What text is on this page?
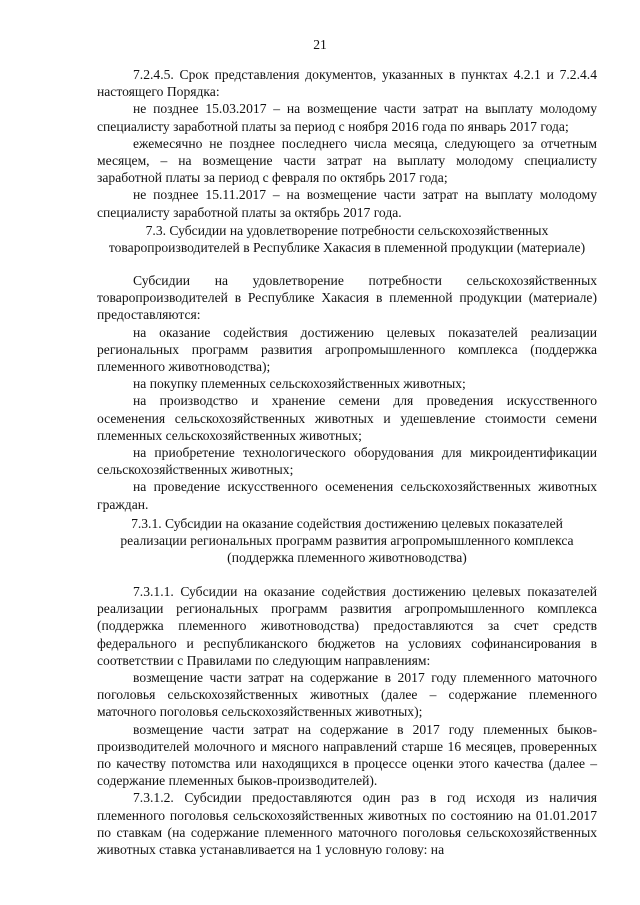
21

7.2.4.5. Срок представления документов, указанных в пунктах 4.2.1 и 7.2.4.4 настоящего Порядка:

не позднее 15.03.2017 – на возмещение части затрат на выплату молодому специалисту заработной платы за период с ноября 2016 года по январь 2017 года;

ежемесячно не позднее последнего числа месяца, следующего за отчетным месяцем, – на возмещение части затрат на выплату молодому специалисту заработной платы за период с февраля по октябрь 2017 года;

не позднее 15.11.2017 – на возмещение части затрат на выплату молодому специалисту заработной платы за октябрь 2017 года.

7.3. Субсидии на удовлетворение потребности сельскохозяйственных товаропроизводителей в Республике Хакасия в племенной продукции (материале)

Субсидии на удовлетворение потребности сельскохозяйственных товаропроизводителей в Республике Хакасия в племенной продукции (материале) предоставляются:

на оказание содействия достижению целевых показателей реализации региональных программ развития агропромышленного комплекса (поддержка племенного животноводства);

на покупку племенных сельскохозяйственных животных;

на производство и хранение семени для проведения искусственного осеменения сельскохозяйственных животных и удешевление стоимости семени племенных сельскохозяйственных животных;

на приобретение технологического оборудования для микроидентификации сельскохозяйственных животных;

на проведение искусственного осеменения сельскохозяйственных животных граждан.

7.3.1. Субсидии на оказание содействия достижению целевых показателей реализации региональных программ развития агропромышленного комплекса (поддержка племенного животноводства)

7.3.1.1. Субсидии на оказание содействия достижению целевых показателей реализации региональных программ развития агропромышленного комплекса (поддержка племенного животноводства) предоставляются за счет средств федерального и республиканского бюджетов на условиях софинансирования в соответствии с Правилами по следующим направлениям:

возмещение части затрат на содержание в 2017 году племенного маточного поголовья сельскохозяйственных животных (далее – содержание племенного маточного поголовья сельскохозяйственных животных);

возмещение части затрат на содержание в 2017 году племенных быков-производителей молочного и мясного направлений старше 16 месяцев, проверенных по качеству потомства или находящихся в процессе оценки этого качества (далее – содержание племенных быков-производителей).

7.3.1.2. Субсидии предоставляются один раз в год исходя из наличия племенного поголовья сельскохозяйственных животных по состоянию на 01.01.2017 по ставкам (на содержание племенного маточного поголовья сельскохозяйственных животных ставка устанавливается на 1 условную голову: на
